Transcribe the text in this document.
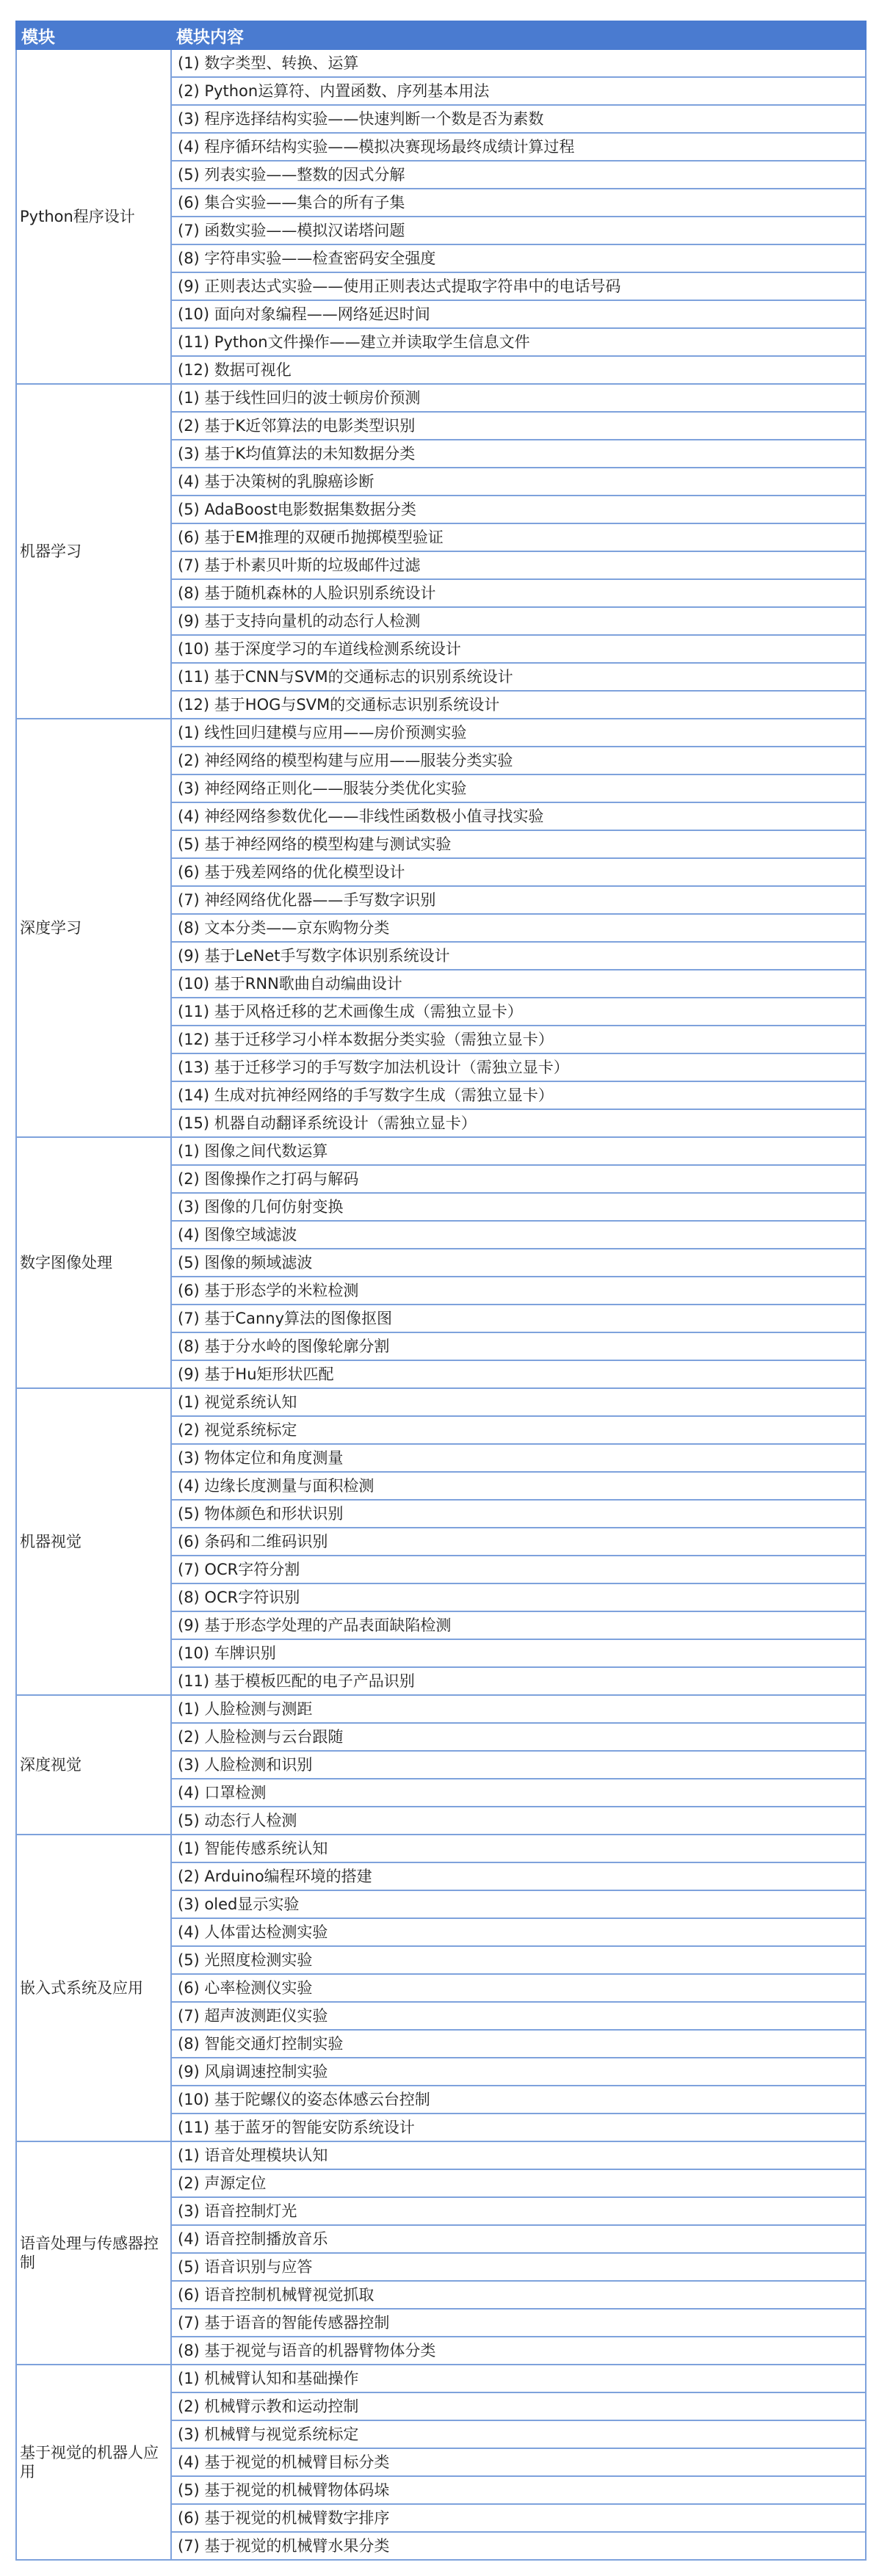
模块	模块内容
Python程序设计	(1) 数字类型、转换、运算
	(2) Python运算符、内置函数、序列基本用法
	(3) 程序选择结构实验——快速判断一个数是否为素数
	(4) 程序循环结构实验——模拟决赛现场最终成绩计算过程
	(5) 列表实验——整数的因式分解
	(6) 集合实验——集合的所有子集
	(7) 函数实验——模拟汉诺塔问题
	(8) 字符串实验——检查密码安全强度
	(9) 正则表达式实验——使用正则表达式提取字符串中的电话号码
	(10) 面向对象编程——网络延迟时间
	(11) Python文件操作——建立并读取学生信息文件
	(12) 数据可视化
机器学习	(1) 基于线性回归的波士顿房价预测
	(2) 基于K近邻算法的电影类型识别
	(3) 基于K均值算法的未知数据分类
	(4) 基于决策树的乳腺癌诊断
	(5) AdaBoost电影数据集数据分类
	(6) 基于EM推理的双硬币抛掷模型验证
	(7) 基于朴素贝叶斯的垃圾邮件过滤
	(8) 基于随机森林的人脸识别系统设计
	(9) 基于支持向量机的动态行人检测
	(10) 基于深度学习的车道线检测系统设计
	(11) 基于CNN与SVM的交通标志的识别系统设计
	(12) 基于HOG与SVM的交通标志识别系统设计
深度学习	(1) 线性回归建模与应用——房价预测实验
	(2) 神经网络的模型构建与应用——服装分类实验
	(3) 神经网络正则化——服装分类优化实验
	(4) 神经网络参数优化——非线性函数极小值寻找实验
	(5) 基于神经网络的模型构建与测试实验
	(6) 基于残差网络的优化模型设计
	(7) 神经网络优化器——手写数字识别
	(8) 文本分类——京东购物分类
	(9) 基于LeNet手写数字体识别系统设计
	(10) 基于RNN歌曲自动编曲设计
	(11) 基于风格迁移的艺术画像生成（需独立显卡）
	(12) 基于迁移学习小样本数据分类实验（需独立显卡）
	(13) 基于迁移学习的手写数字加法机设计（需独立显卡）
	(14) 生成对抗神经网络的手写数字生成（需独立显卡）
	(15) 机器自动翻译系统设计（需独立显卡）
数字图像处理	(1) 图像之间代数运算
	(2) 图像操作之打码与解码
	(3) 图像的几何仿射变换
	(4) 图像空域滤波
	(5) 图像的频域滤波
	(6) 基于形态学的米粒检测
	(7) 基于Canny算法的图像抠图
	(8) 基于分水岭的图像轮廓分割
	(9) 基于Hu矩形状匹配
机器视觉	(1) 视觉系统认知
	(2) 视觉系统标定
	(3) 物体定位和角度测量
	(4) 边缘长度测量与面积检测
	(5) 物体颜色和形状识别
	(6) 条码和二维码识别
	(7) OCR字符分割
	(8) OCR字符识别
	(9) 基于形态学处理的产品表面缺陷检测
	(10) 车牌识别
	(11) 基于模板匹配的电子产品识别
深度视觉	(1) 人脸检测与测距
	(2) 人脸检测与云台跟随
	(3) 人脸检测和识别
	(4) 口罩检测
	(5) 动态行人检测
嵌入式系统及应用	(1) 智能传感系统认知
	(2) Arduino编程环境的搭建
	(3) oled显示实验
	(4) 人体雷达检测实验
	(5) 光照度检测实验
	(6) 心率检测仪实验
	(7) 超声波测距仪实验
	(8) 智能交通灯控制实验
	(9) 风扇调速控制实验
	(10) 基于陀螺仪的姿态体感云台控制
	(11) 基于蓝牙的智能安防系统设计
语音处理与传感器控制	(1) 语音处理模块认知
	(2) 声源定位
	(3) 语音控制灯光
	(4) 语音控制播放音乐
	(5) 语音识别与应答
	(6) 语音控制机械臂视觉抓取
	(7) 基于语音的智能传感器控制
	(8) 基于视觉与语音的机器臂物体分类
基于视觉的机器人应用	(1) 机械臂认知和基础操作
	(2) 机械臂示教和运动控制
	(3) 机械臂与视觉系统标定
	(4) 基于视觉的机械臂目标分类
	(5) 基于视觉的机械臂物体码垛
	(6) 基于视觉的机械臂数字排序
	(7) 基于视觉的机械臂水果分类
